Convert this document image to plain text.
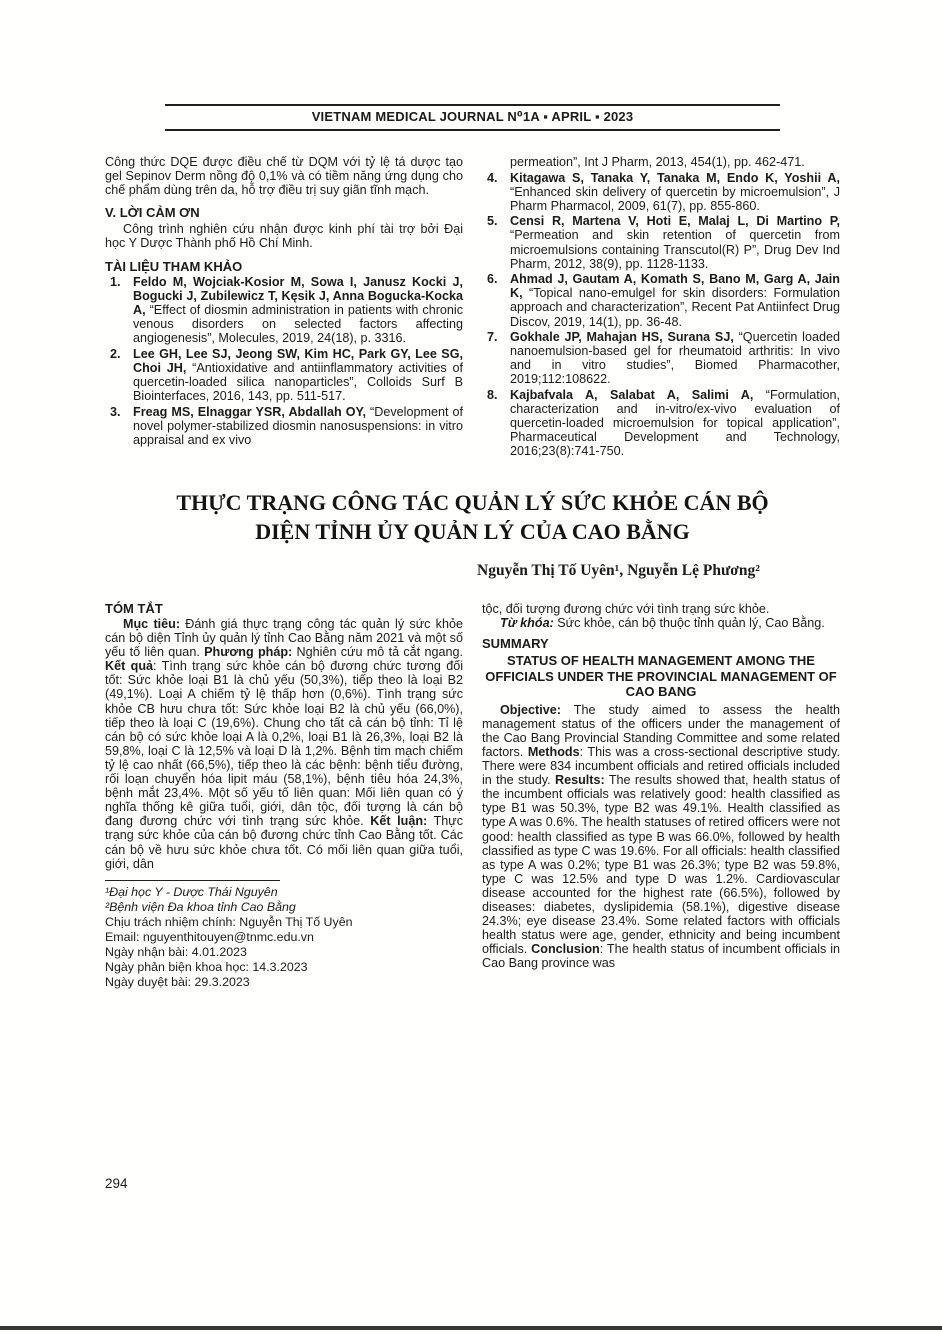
VIETNAM MEDICAL JOURNAL N⁰1A ▪ APRIL ▪ 2023

Công thức DQE được điều chế từ DQM với tỷ lệ tá dược tạo gel Sepinov Derm nồng độ 0,1% và có tiềm năng ứng dụng cho chế phẩm dùng trên da, hỗ trợ điều trị suy giãn tĩnh mạch.

V. LỜI CẢM ƠN

Công trình nghiên cứu nhận được kinh phí tài trợ bởi Đại học Y Dược Thành phố Hồ Chí Minh.

TÀI LIỆU THAM KHẢO
1. Feldo M, Wojciak-Kosior M, Sowa I, Janusz Kocki J, Bogucki J, Zubilewicz T, Kęsik J, Anna Bogucka-Kocka A, “Effect of diosmin administration in patients with chronic venous disorders on selected factors affecting angiogenesis”, Molecules, 2019, 24(18), p. 3316.
2. Lee GH, Lee SJ, Jeong SW, Kim HC, Park GY, Lee SG, Choi JH, “Antioxidative and antiinflammatory activities of quercetin-loaded silica nanoparticles”, Colloids Surf B Biointerfaces, 2016, 143, pp. 511-517.
3. Freag MS, Elnaggar YSR, Abdallah OY, “Development of novel polymer-stabilized diosmin nanosuspensions: in vitro appraisal and ex vivo
permeation”, Int J Pharm, 2013, 454(1), pp. 462-471.
4. Kitagawa S, Tanaka Y, Tanaka M, Endo K, Yoshii A, “Enhanced skin delivery of quercetin by microemulsion”, J Pharm Pharmacol, 2009, 61(7), pp. 855-860.
5. Censi R, Martena V, Hoti E, Malaj L, Di Martino P, “Permeation and skin retention of quercetin from microemulsions containing Transcutol(R) P”, Drug Dev Ind Pharm, 2012, 38(9), pp. 1128-1133.
6. Ahmad J, Gautam A, Komath S, Bano M, Garg A, Jain K, “Topical nano-emulgel for skin disorders: Formulation approach and characterization”, Recent Pat Antiinfect Drug Discov, 2019, 14(1), pp. 36-48.
7. Gokhale JP, Mahajan HS, Surana SJ, “Quercetin loaded nanoemulsion-based gel for rheumatoid arthritis: In vivo and in vitro studies”, Biomed Pharmacother, 2019;112:108622.
8. Kajbafvala A, Salabat A, Salimi A, “Formulation, characterization and in-vitro/ex-vivo evaluation of quercetin-loaded microemulsion for topical application”, Pharmaceutical Development and Technology, 2016;23(8):741-750.
THỰC TRẠNG CÔNG TÁC QUẢN LÝ SỨC KHỎE CÁN BỘ
DIỆN TỈNH ỦY QUẢN LÝ CỦA CAO BẰNG
Nguyễn Thị Tố Uyên¹, Nguyễn Lệ Phương²
TÓM TẮT

Mục tiêu: Đánh giá thực trạng công tác quản lý sức khỏe cán bộ diện Tỉnh ủy quản lý tỉnh Cao Bằng năm 2021 và một số yếu tố liên quan. Phương pháp: Nghiên cứu mô tả cắt ngang. Kết quả: Tình trạng sức khỏe cán bộ đương chức tương đối tốt: Sức khỏe loại B1 là chủ yếu (50,3%), tiếp theo là loại B2 (49,1%). Loại A chiếm tỷ lệ thấp hơn (0,6%). Tình trạng sức khỏe CB hưu chưa tốt: Sức khỏe loại B2 là chủ yếu (66,0%), tiếp theo là loại C (19,6%). Chung cho tất cả cán bộ tỉnh: Tỉ lệ cán bộ có sức khỏe loại A là 0,2%, loại B1 là 26,3%, loại B2 là 59,8%, loại C là 12,5% và loại D là 1,2%. Bệnh tim mạch chiếm tỷ lệ cao nhất (66,5%), tiếp theo là các bệnh: bệnh tiểu đường, rối loạn chuyển hóa lipit máu (58,1%), bệnh tiêu hóa 24,3%, bệnh mắt 23,4%. Một số yếu tố liên quan: Mối liên quan có ý nghĩa thống kê giữa tuổi, giới, dân tộc, đối tượng là cán bộ đang đương chức với tình trạng sức khỏe. Kết luận: Thực trạng sức khỏe của cán bộ đương chức tỉnh Cao Bằng tốt. Các cán bộ về hưu sức khỏe chưa tốt. Có mối liên quan giữa tuổi, giới, dân

¹Đại học Y - Dược Thái Nguyên
²Bệnh viện Đa khoa tỉnh Cao Bằng
Chịu trách nhiệm chính: Nguyễn Thị Tố Uyên
Email: nguyenthitouyen@tnmc.edu.vn
Ngày nhận bài: 4.01.2023
Ngày phản biện khoa học: 14.3.2023
Ngày duyệt bài: 29.3.2023

tộc, đối tượng đương chức với tình trạng sức khỏe.

Từ khóa: Sức khỏe, cán bộ thuộc tỉnh quản lý, Cao Bằng.

SUMMARY
STATUS OF HEALTH MANAGEMENT AMONG THE OFFICIALS UNDER THE PROVINCIAL MANAGEMENT OF CAO BANG

Objective: The study aimed to assess the health management status of the officers under the management of the Cao Bang Provincial Standing Committee and some related factors. Methods: This was a cross-sectional descriptive study. There were 834 incumbent officials and retired officials included in the study. Results: The results showed that, health status of the incumbent officials was relatively good: health classified as type B1 was 50.3%, type B2 was 49.1%. Health classified as type A was 0.6%. The health statuses of retired officers were not good: health classified as type B was 66.0%, followed by health classified as type C was 19.6%. For all officials: health classified as type A was 0.2%; type B1 was 26.3%; type B2 was 59.8%, type C was 12.5% and type D was 1.2%. Cardiovascular disease accounted for the highest rate (66.5%), followed by diseases: diabetes, dyslipidemia (58.1%), digestive disease 24.3%; eye disease 23.4%. Some related factors with officials health status were age, gender, ethnicity and being incumbent officials. Conclusion: The health status of incumbent officials in Cao Bang province was

294
